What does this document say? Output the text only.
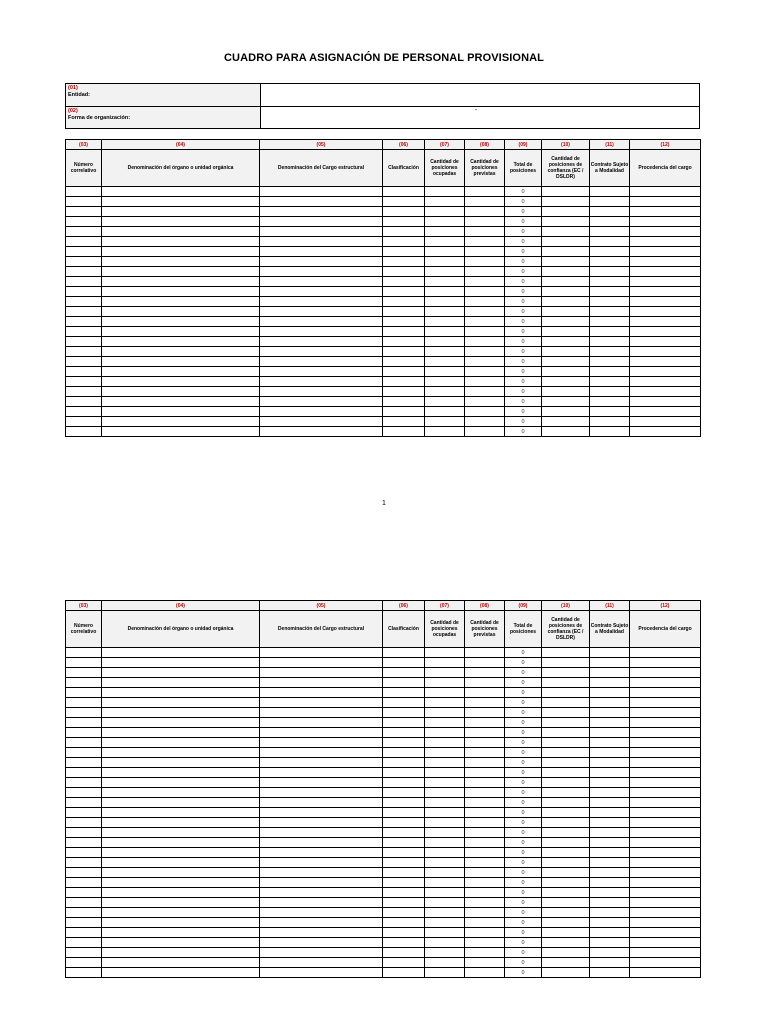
CUADRO PARA ASIGNACIÓN DE PERSONAL PROVISIONAL
(01)
Entidad:
(02)
Forma de organización:
-
1
(03)	(04)	(05)	(06)	(07)	(08)	(09)	(10)	(11)	(12)
Número correlativo	Denominación del órgano o unidad orgánica	Denominación del Cargo estructural	Clasificación	Cantidad de posiciones ocupadas	Cantidad de posiciones previstas	Total de posiciones	Cantidad de posiciones de confianza (EC / DSLDR)	Contrato Sujeto a Modalidad	Procedencia del cargo
						0			
						0			
						0			
						0			
						0			
						0			
						0			
						0			
						0			
						0			
						0			
						0			
						0			
						0			
						0			
						0			
						0			
						0			
						0			
						0			
						0			
						0			
						0			
						0			
						0			
(03)	(04)	(05)	(06)	(07)	(08)	(09)	(10)	(11)	(12)
Número correlativo	Denominación del órgano o unidad orgánica	Denominación del Cargo estructural	Clasificación	Cantidad de posiciones ocupadas	Cantidad de posiciones previstas	Total de posiciones	Cantidad de posiciones de confianza (EC / DSLDR)	Contrato Sujeto a Modalidad	Procedencia del cargo
						0			
						0			
						0			
						0			
						0			
						0			
						0			
						0			
						0			
						0			
						0			
						0			
						0			
						0			
						0			
						0			
						0			
						0			
						0			
						0			
						0			
						0			
						0			
						0			
						0			
						0			
						0			
						0			
						0			
						0			
						0			
						0			
						0			
